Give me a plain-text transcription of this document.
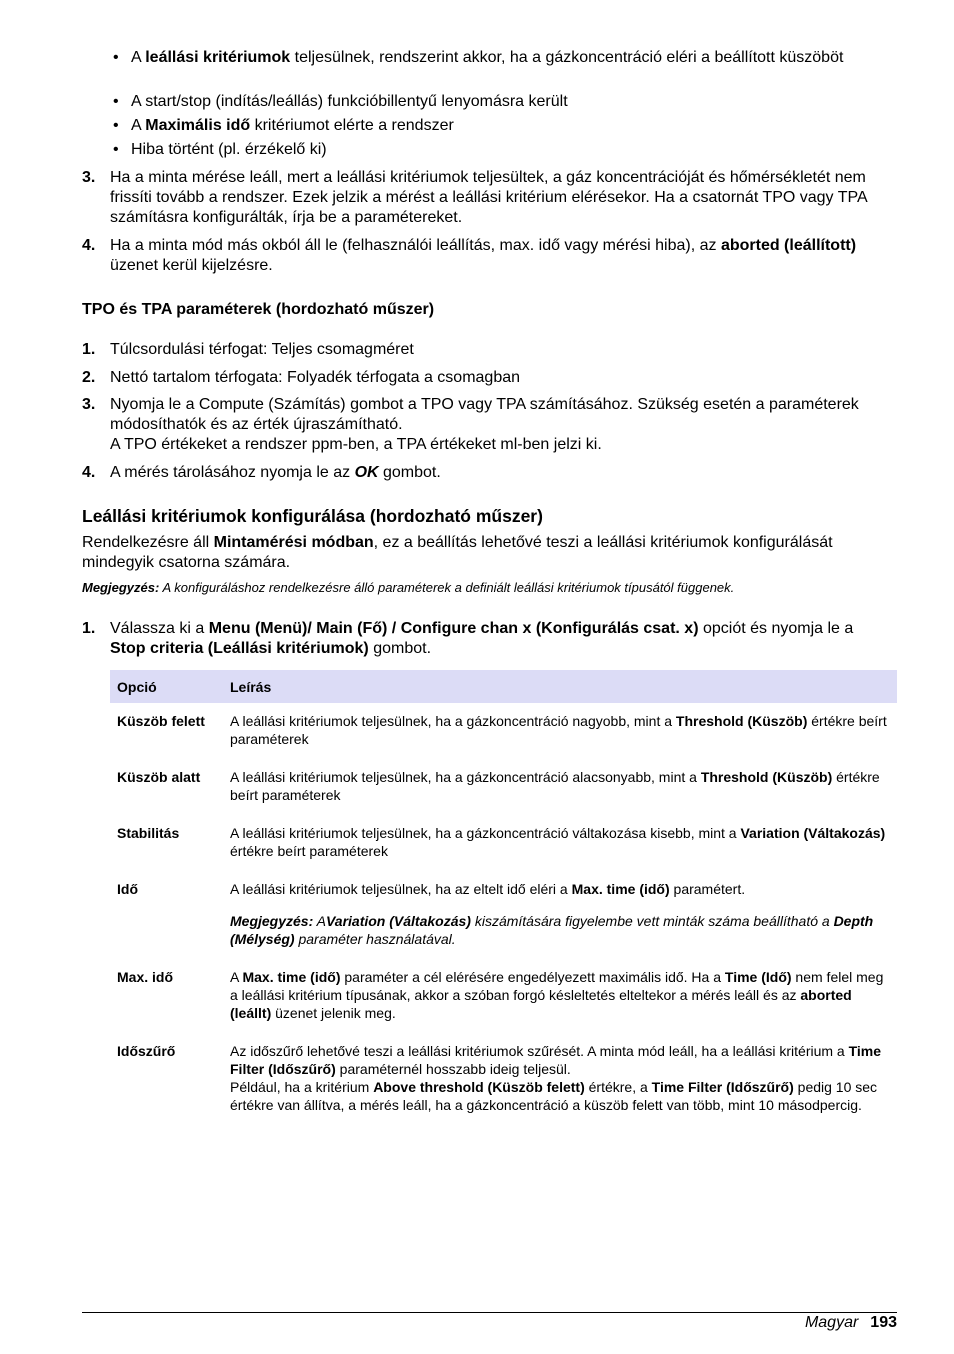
• A leállási kritériumok teljesülnek, rendszerint akkor, ha a gázkoncentráció eléri a beállított küszöböt
• A start/stop (indítás/leállás) funkcióbillentyű lenyomásra került
• A Maximális idő kritériumot elérte a rendszer
• Hiba történt (pl. érzékelő ki)
3. Ha a minta mérése leáll, mert a leállási kritériumok teljesültek, a gáz koncentrációját és hőmérsékletét nem frissíti tovább a rendszer. Ezek jelzik a mérést a leállási kritérium elérésekor. Ha a csatornát TPO vagy TPA számításra konfigurálták, írja be a paramétereket.
4. Ha a minta mód más okból áll le (felhasználói leállítás, max. idő vagy mérési hiba), az aborted (leállított) üzenet kerül kijelzésre.
TPO és TPA paraméterek (hordozható műszer)
1. Túlcsordulási térfogat: Teljes csomagméret
2. Nettó tartalom térfogata: Folyadék térfogata a csomagban
3. Nyomja le a Compute (Számítás) gombot a TPO vagy TPA számításához. Szükség esetén a paraméterek módosíthatók és az érték újraszámítható.
A TPO értékeket a rendszer ppm-ben, a TPA értékeket ml-ben jelzi ki.
4. A mérés tárolásához nyomja le az OK gombot.
Leállási kritériumok konfigurálása (hordozható műszer)
Rendelkezésre áll Mintamérési módban, ez a beállítás lehetővé teszi a leállási kritériumok konfigurálását mindegyik csatorna számára.
Megjegyzés: A konfiguráláshoz rendelkezésre álló paraméterek a definiált leállási kritériumok típusától függenek.
1. Válassza ki a Menu (Menü)/ Main (Fő) / Configure chan x (Konfigurálás csat. x) opciót és nyomja le a Stop criteria (Leállási kritériumok) gombot.
Opció	Leírás
Küszöb felett	A leállási kritériumok teljesülnek, ha a gázkoncentráció nagyobb, mint a Threshold (Küszöb) értékre beírt paraméterek
Küszöb alatt	A leállási kritériumok teljesülnek, ha a gázkoncentráció alacsonyabb, mint a Threshold (Küszöb) értékre beírt paraméterek
Stabilitás	A leállási kritériumok teljesülnek, ha a gázkoncentráció váltakozása kisebb, mint a Variation (Váltakozás) értékre beírt paraméterek
Idő	A leállási kritériumok teljesülnek, ha az eltelt idő eléri a Max. time (idő) paramétert.
Megjegyzés: AVariation (Váltakozás) kiszámítására figyelembe vett minták száma beállítható a Depth (Mélység) paraméter használatával.

Max. idő	A Max. time (idő) paraméter a cél elérésére engedélyezett maximális idő. Ha a Time (Idő) nem felel meg a leállási kritérium típusának, akkor a szóban forgó késleltetés elteltekor a mérés leáll és az aborted (leállt) üzenet jelenik meg.
Időszűrő	Az időszűrő lehetővé teszi a leállási kritériumok szűrését. A minta mód leáll, ha a leállási kritérium a Time Filter (Időszűrő) paraméternél hosszabb ideig teljesül.
Például, ha a kritérium Above threshold (Küszöb felett) értékre, a Time Filter (Időszűrő) pedig 10 sec értékre van állítva, a mérés leáll, ha a gázkoncentráció a küszöb felett van több, mint 10 másodpercig.
Magyar 193
